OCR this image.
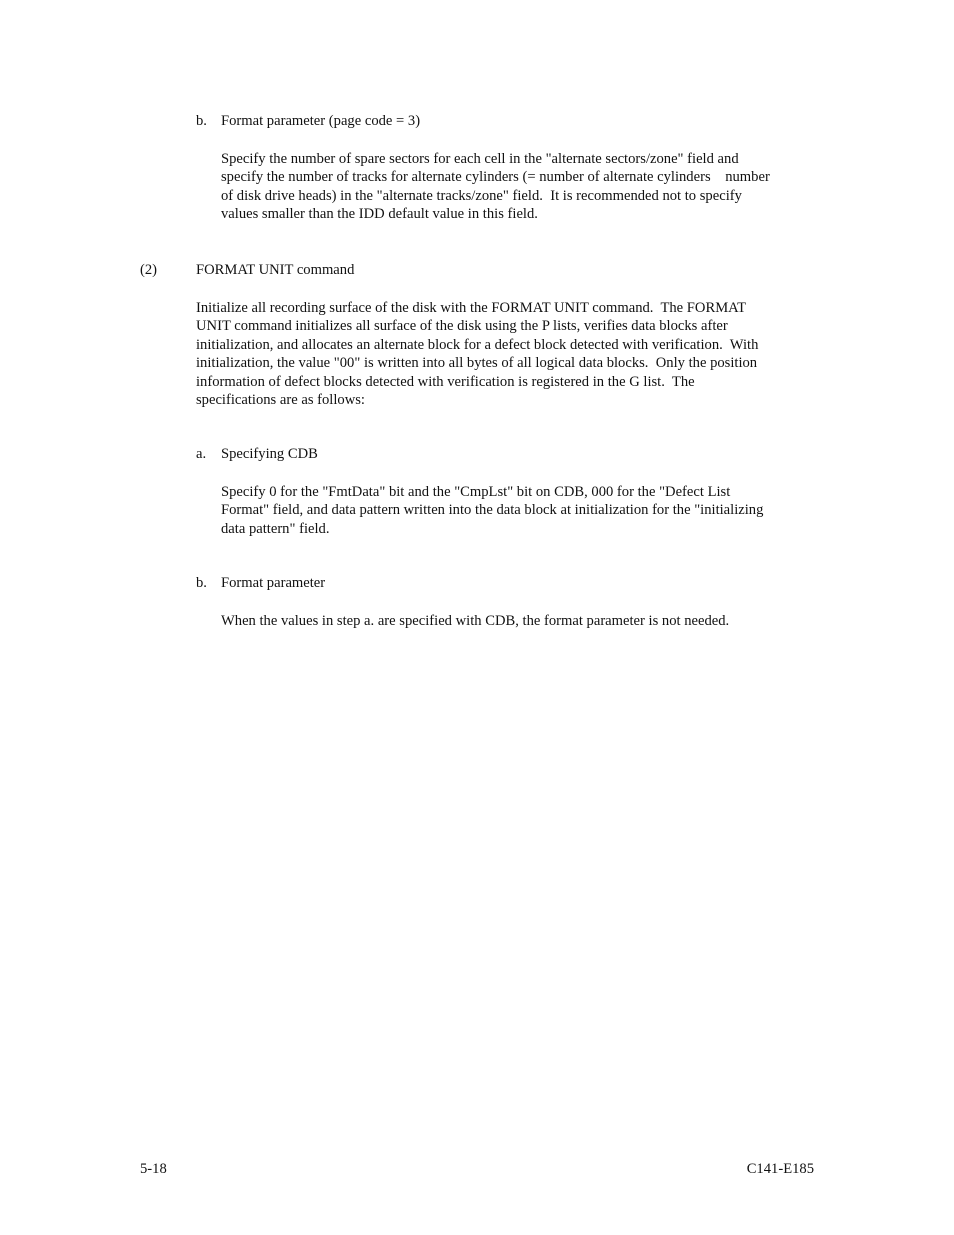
b. Format parameter (page code = 3)
Specify the number of spare sectors for each cell in the "alternate sectors/zone" field and
specify the number of tracks for alternate cylinders (= number of alternate cylinders    number
of disk drive heads) in the "alternate tracks/zone" field.  It is recommended not to specify
values smaller than the IDD default value in this field.
(2)	FORMAT UNIT command
Initialize all recording surface of the disk with the FORMAT UNIT command.  The FORMAT
UNIT command initializes all surface of the disk using the P lists, verifies data blocks after
initialization, and allocates an alternate block for a defect block detected with verification.  With
initialization, the value "00" is written into all bytes of all logical data blocks.  Only the position
information of defect blocks detected with verification is registered in the G list.  The
specifications are as follows:
a. Specifying CDB
Specify 0 for the "FmtData" bit and the "CmpLst" bit on CDB, 000 for the "Defect List
Format" field, and data pattern written into the data block at initialization for the "initializing
data pattern" field.
b. Format parameter
When the values in step a. are specified with CDB, the format parameter is not needed.
5-18	C141-E185
